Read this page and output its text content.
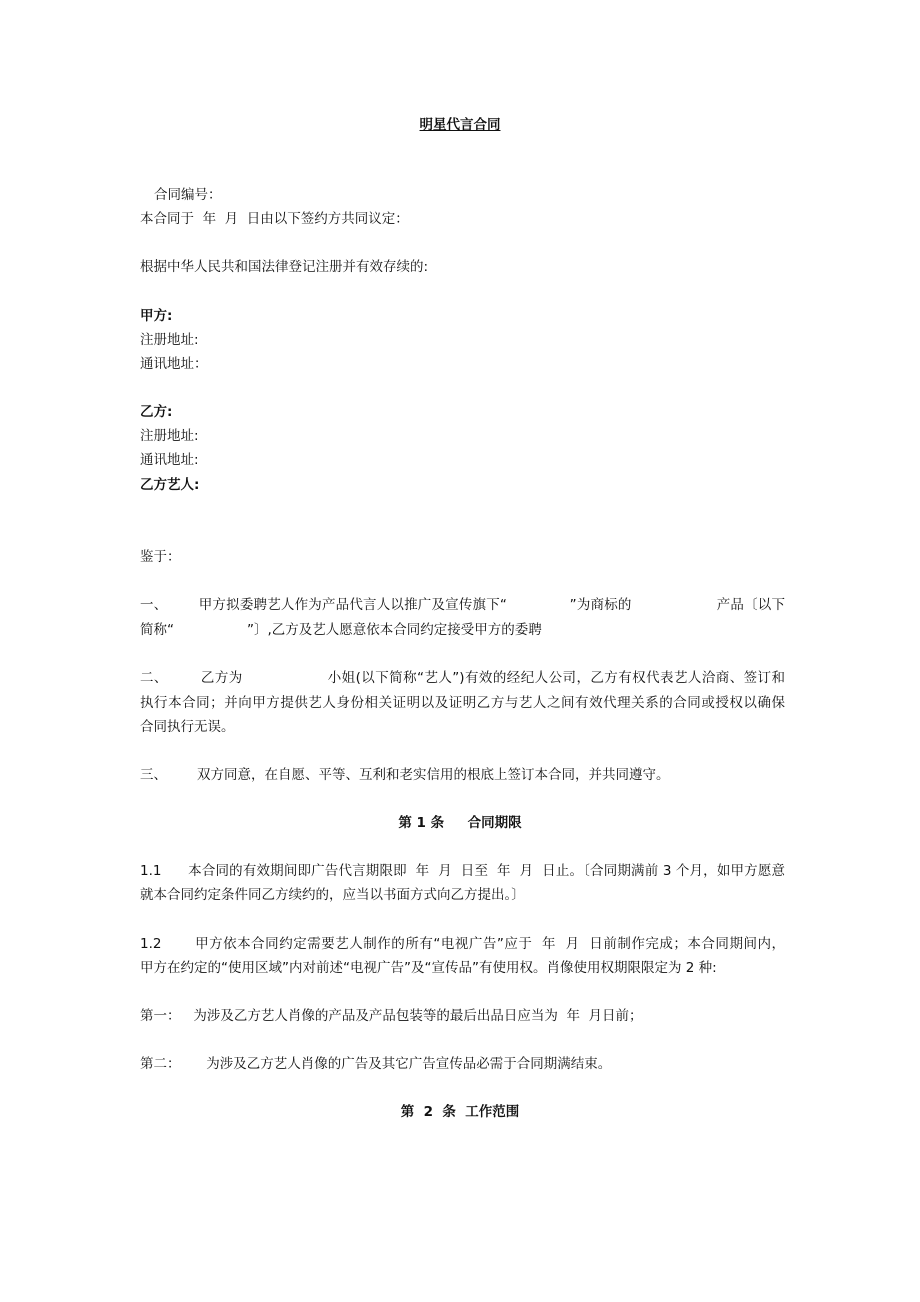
明星代言合同
合同编号：
本合同于  年  月  日由以下签约方共同议定：
根据中华人民共和国法律登记注册并有效存续的:
甲方:
注册地址:
通讯地址：
乙方:
注册地址:
通讯地址:
乙方艺人:
鉴于：
一、       甲方拟委聘艺人作为产品代言人以推广及宣传旗下“              ”为商标的                   产品〔以下
简称“                 ”〕,乙方及艺人愿意依本合同约定接受甲方的委聘
二、       乙方为                  小姐(以下简称“艺人”)有效的经纪人公司，乙方有权代表艺人洽商、签订和
执行本合同；并向甲方提供艺人身份相关证明以及证明乙方与艺人之间有效代理关系的合同或授权以确保
合同执行无误。
三、       双方同意，在自愿、平等、互利和老实信用的根底上签订本合同，并共同遵守。
第 1 条     合同期限
1.1      本合同的有效期间即广告代言期限即  年  月  日至  年  月  日止。〔合同期满前 3 个月，如甲方愿意
就本合同约定条件同乙方续约的，应当以书面方式向乙方提出。〕
1.2       甲方依本合同约定需要艺人制作的所有“电视广告”应于  年  月  日前制作完成；本合同期间内，
甲方在约定的“使用区域”内对前述“电视广告”及“宣传品”有使用权。肖像使用权期限限定为 2 种:
第一：   为涉及乙方艺人肖像的产品及产品包装等的最后出品日应当为  年  月日前；
第二：      为涉及乙方艺人肖像的广告及其它广告宣传品必需于合同期满结束。
第  2  条  工作范围
